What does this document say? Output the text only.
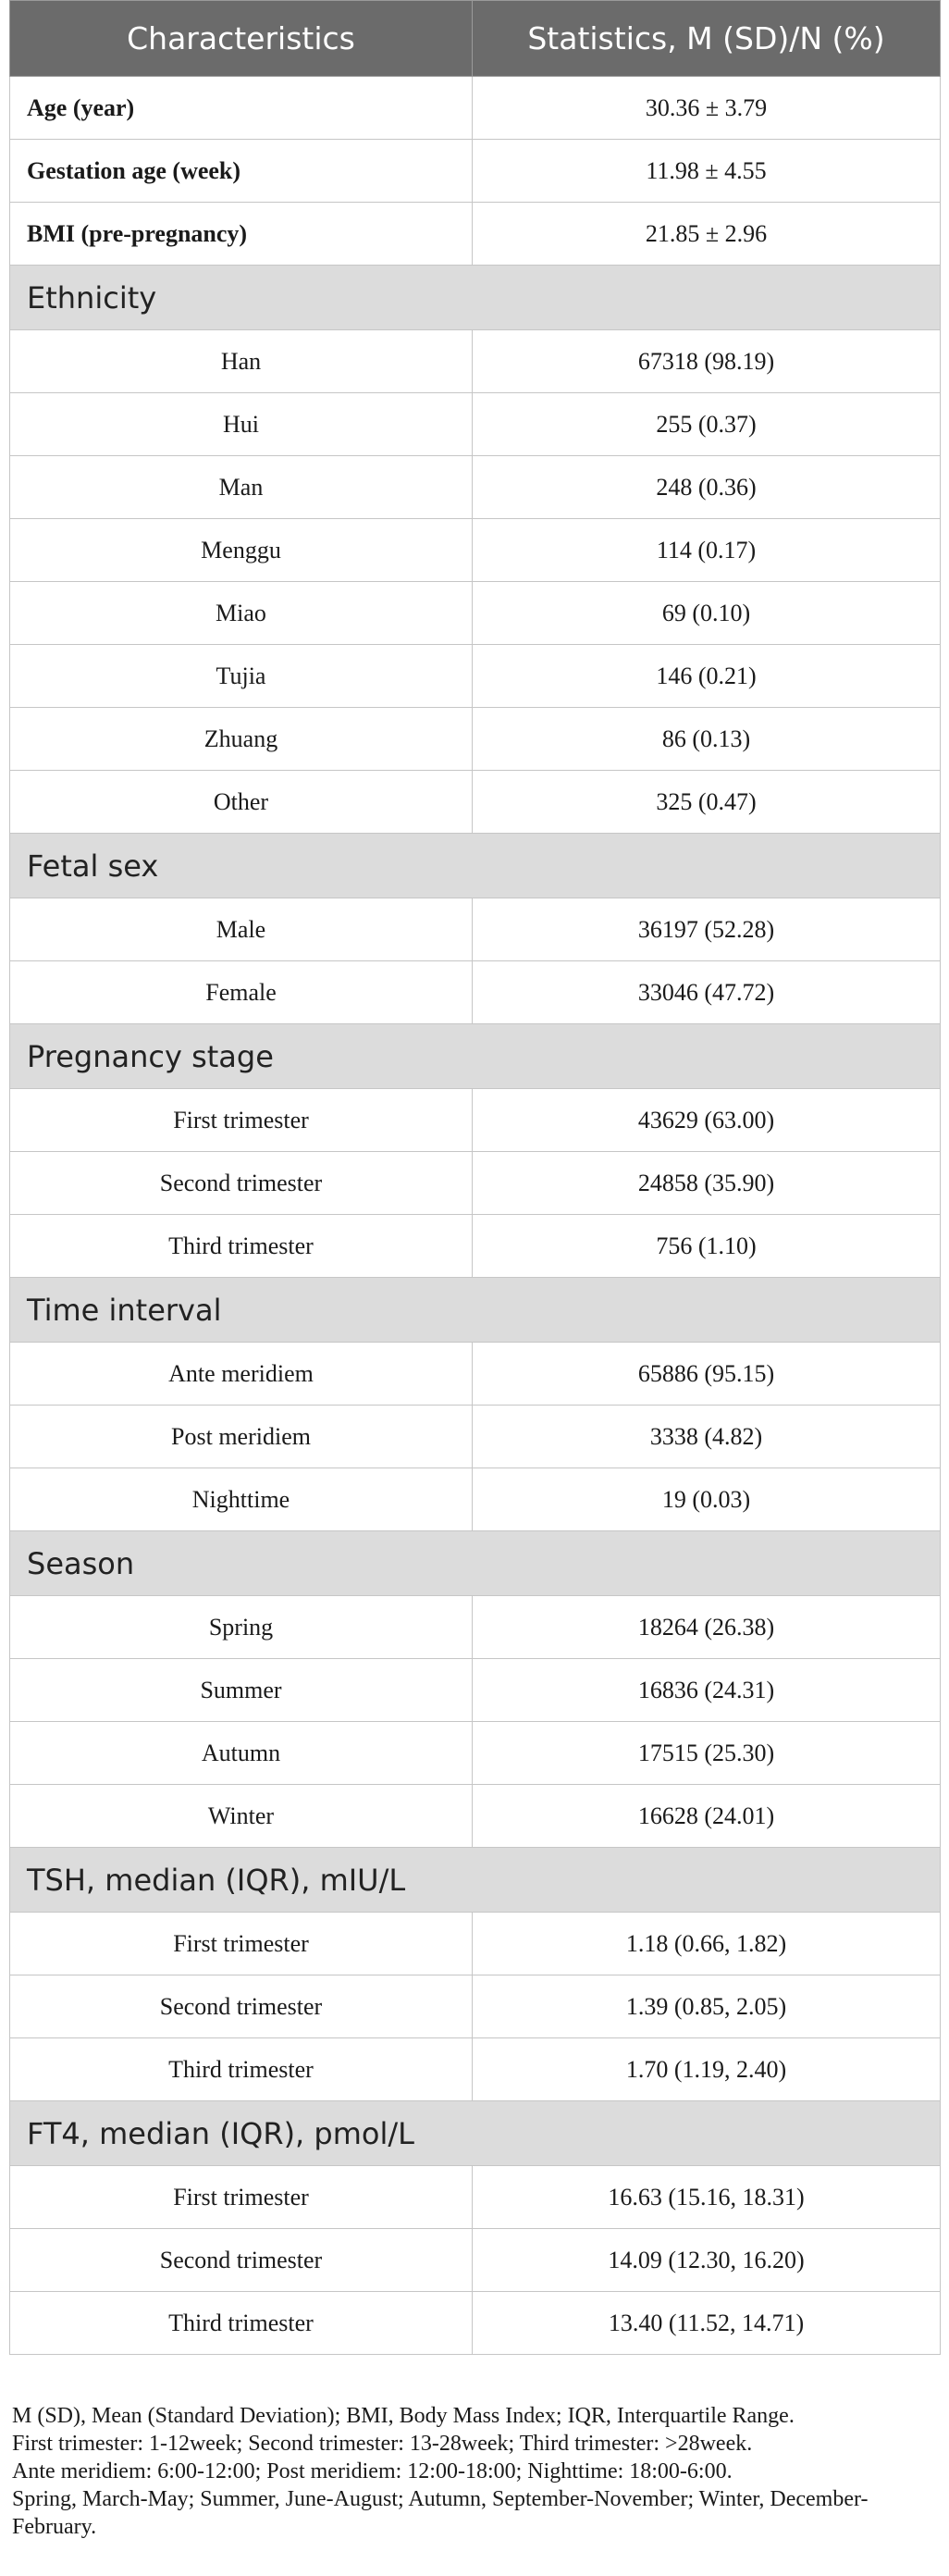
Characteristics	Statistics, M (SD)/N (%)
Age (year)	30.36 ± 3.79
Gestation age (week)	11.98 ± 4.55
BMI (pre-pregnancy)	21.85 ± 2.96
Ethnicity	
Han	67318 (98.19)
Hui	255 (0.37)
Man	248 (0.36)
Menggu	114 (0.17)
Miao	69 (0.10)
Tujia	146 (0.21)
Zhuang	86 (0.13)
Other	325 (0.47)
Fetal sex	
Male	36197 (52.28)
Female	33046 (47.72)
Pregnancy stage	
First trimester	43629 (63.00)
Second trimester	24858 (35.90)
Third trimester	756 (1.10)
Time interval	
Ante meridiem	65886 (95.15)
Post meridiem	3338 (4.82)
Nighttime	19 (0.03)
Season	
Spring	18264 (26.38)
Summer	16836 (24.31)
Autumn	17515 (25.30)
Winter	16628 (24.01)
TSH, median (IQR), mIU/L	
First trimester	1.18 (0.66, 1.82)
Second trimester	1.39 (0.85, 2.05)
Third trimester	1.70 (1.19, 2.40)
FT4, median (IQR), pmol/L	
First trimester	16.63 (15.16, 18.31)
Second trimester	14.09 (12.30, 16.20)
Third trimester	13.40 (11.52, 14.71)

M (SD), Mean (Standard Deviation); BMI, Body Mass Index; IQR, Interquartile Range.

First trimester: 1-12week; Second trimester: 13-28week; Third trimester: >28week.

Ante meridiem: 6:00-12:00; Post meridiem: 12:00-18:00; Nighttime: 18:00-6:00.

Spring, March-May; Summer, June-August; Autumn, September-November; Winter, December-February.
